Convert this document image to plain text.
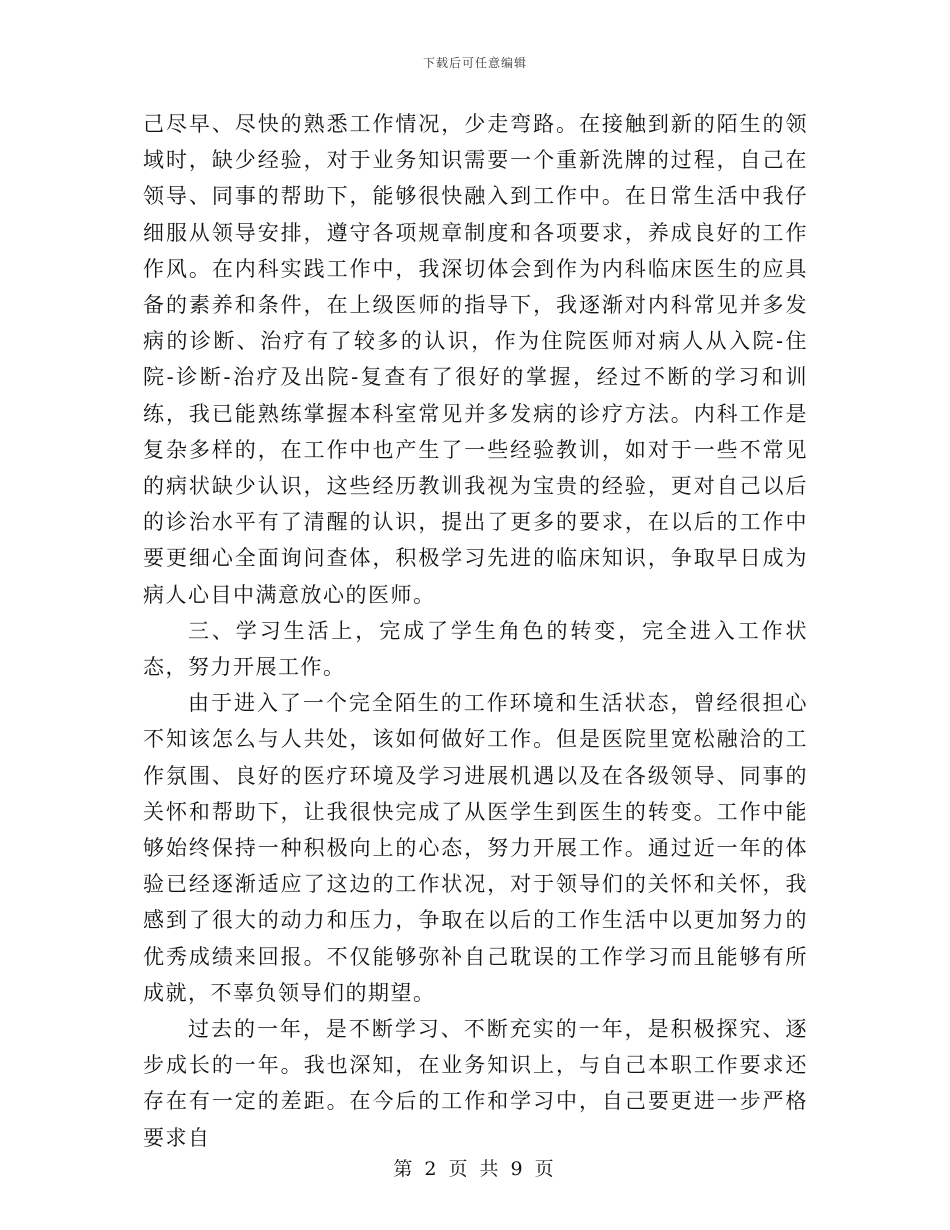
下载后可任意编辑

己尽早、尽快的熟悉工作情况，少走弯路。在接触到新的陌生的领域时，缺少经验，对于业务知识需要一个重新洗牌的过程，自己在领导、同事的帮助下，能够很快融入到工作中。在日常生活中我仔细服从领导安排，遵守各项规章制度和各项要求，养成良好的工作作风。在内科实践工作中，我深切体会到作为内科临床医生的应具备的素养和条件，在上级医师的指导下，我逐渐对内科常见并多发病的诊断、治疗有了较多的认识，作为住院医师对病人从入院-住院-诊断-治疗及出院-复查有了很好的掌握，经过不断的学习和训练，我已能熟练掌握本科室常见并多发病的诊疗方法。内科工作是复杂多样的，在工作中也产生了一些经验教训，如对于一些不常见的病状缺少认识，这些经历教训我视为宝贵的经验，更对自己以后的诊治水平有了清醒的认识，提出了更多的要求，在以后的工作中要更细心全面询问查体，积极学习先进的临床知识，争取早日成为病人心目中满意放心的医师。

三、学习生活上，完成了学生角色的转变，完全进入工作状态，努力开展工作。

由于进入了一个完全陌生的工作环境和生活状态，曾经很担心不知该怎么与人共处，该如何做好工作。但是医院里宽松融洽的工作氛围、良好的医疗环境及学习进展机遇以及在各级领导、同事的关怀和帮助下，让我很快完成了从医学生到医生的转变。工作中能够始终保持一种积极向上的心态，努力开展工作。通过近一年的体验已经逐渐适应了这边的工作状况，对于领导们的关怀和关怀，我感到了很大的动力和压力，争取在以后的工作生活中以更加努力的优秀成绩来回报。不仅能够弥补自己耽误的工作学习而且能够有所成就，不辜负领导们的期望。

过去的一年，是不断学习、不断充实的一年，是积极探究、逐步成长的一年。我也深知，在业务知识上，与自己本职工作要求还存在有一定的差距。在今后的工作和学习中，自己要更进一步严格要求自

第 2 页 共 9 页
